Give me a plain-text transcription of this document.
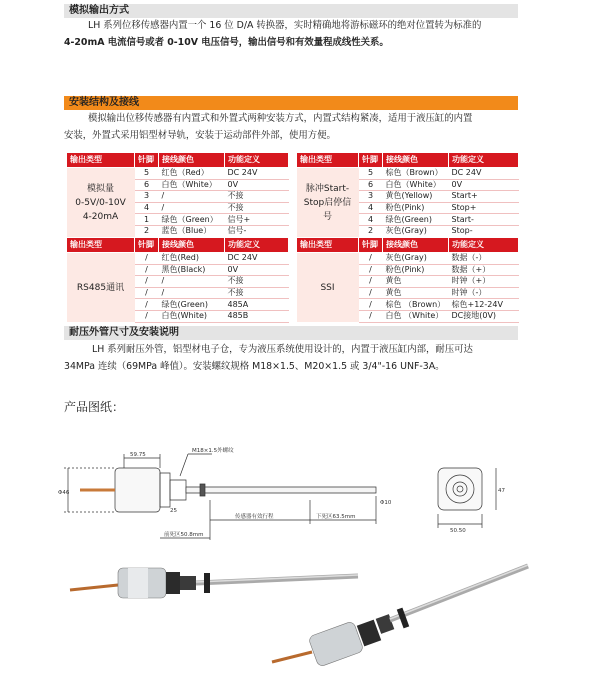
模拟输出方式
LH 系列位移传感器内置一个 16 位 D/A 转换器，实时精确地将游标磁环的绝对位置转为标准的
4-20mA 电流信号或者 0-10V 电压信号，输出信号和有效量程成线性关系。
安装结构及接线
模拟输出位移传感器有内置式和外置式两种安装方式，内置式结构紧凑，适用于液压缸的内置
安装，外置式采用铝型材导轨，安装于运动部件外部，使用方便。
输出类型	针脚	接线颜色	功能定义
模拟量
0-5V/0-10V
4-20mA	5	红色（Red）	DC 24V
	6	白色（White）	0V
	3	/	不接
	4	/	不接
	1	绿色（Green）	信号+
	2	蓝色（Blue）	信号-
输出类型	针脚	接线颜色	功能定义
脉冲Start-
Stop启停信
号	5	棕色（Brown）	DC 24V
	6	白色（White）	0V
	3	黄色(Yellow)	Start+
	4	粉色(Pink)	Stop+
	4	绿色(Green)	Start-
	2	灰色(Gray)	Stop-
输出类型	针脚	接线颜色	功能定义
RS485通讯	/	红色(Red)	DC 24V
	/	黑色(Black)	0V
	/	/	不接
	/	/	不接
	/	绿色(Green)	485A
	/	白色(White)	485B
输出类型	针脚	接线颜色	功能定义
SSI	/	灰色(Gray)	数据（-）
	/	粉色(Pink)	数据（+）
	/	黄色	时钟（+）
	/	黄色	时钟（-）
	/	棕色 （Brown）	棕色+12-24V
	/	白色 （White）	DC接地(0V)
耐压外管尺寸及安装说明
LH 系列耐压外管，铝型材电子仓，专为液压系统使用设计的，内置于液压缸内部，耐压可达
34MPa 连续（69MPa 峰值）。安装螺纹规格 M18×1.5、M20×1.5 或 3/4"-16 UNF-3A。
产品图纸：
59.75
M18×1.5外螺纹
传感器有效行程	下死区63.5mm
前死区50.8mm
Φ10
Φ46
50.50
47
25
